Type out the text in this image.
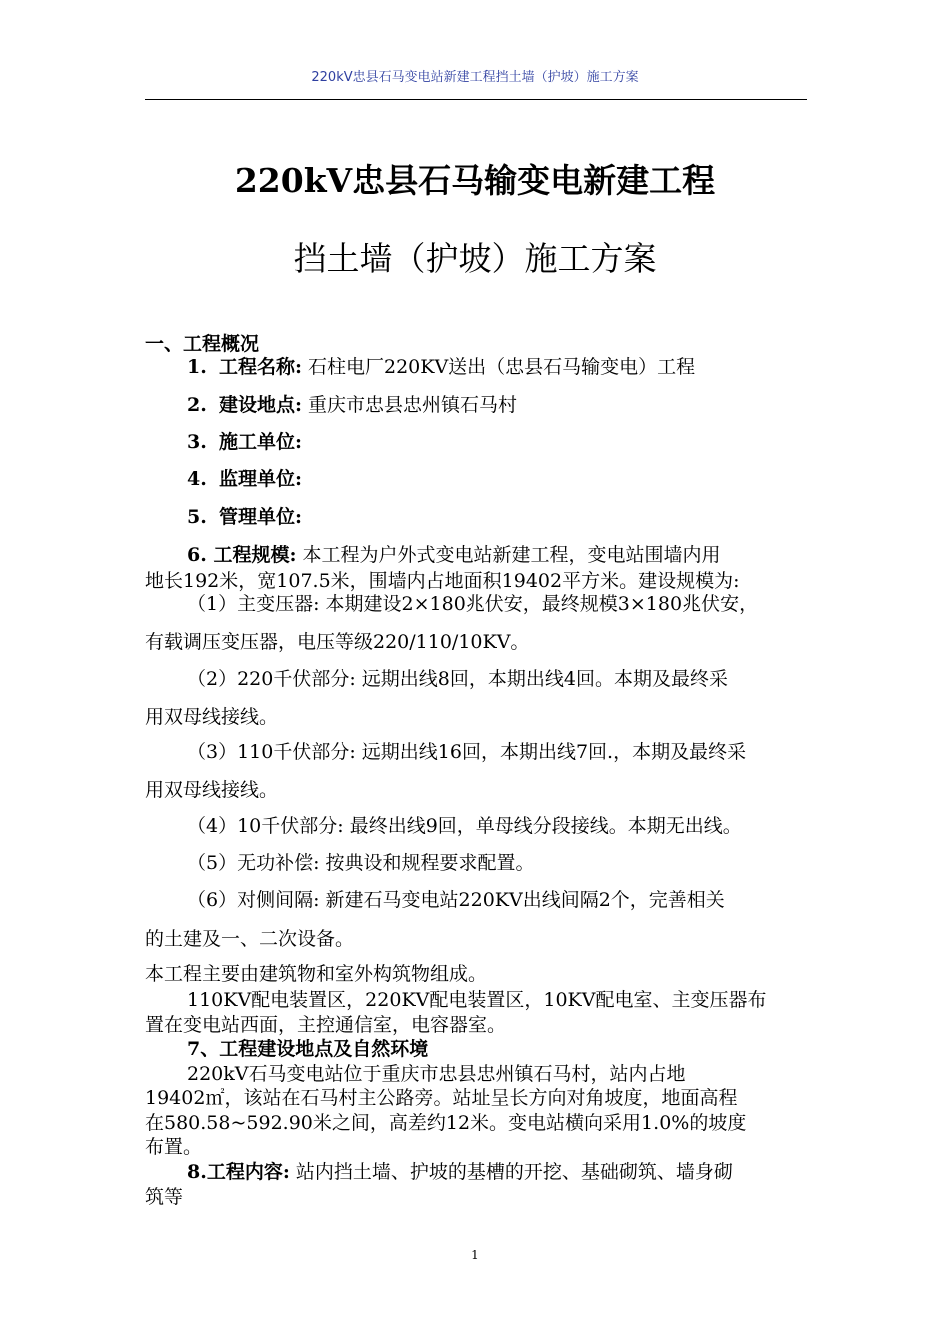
220kV忠县石马变电站新建工程挡土墙（护坡）施工方案
220kV忠县石马输变电新建工程
挡土墙（护坡）施工方案
一、工程概况
1. 工程名称: 石柱电厂220KV送出（忠县石马输变电）工程
2. 建设地点: 重庆市忠县忠州镇石马村
3. 施工单位:
4. 监理单位:
5. 管理单位:
6. 工程规模: 本工程为户外式变电站新建工程，变电站围墙内用
地长192米，宽107.5米，围墙内占地面积19402平方米。建设规模为:
（1）主变压器: 本期建设2×180兆伏安，最终规模3×180兆伏安，
有载调压变压器，电压等级220/110/10KV。
（2）220千伏部分: 远期出线8回，本期出线4回。本期及最终采
用双母线接线。
（3）110千伏部分: 远期出线16回，本期出线7回.，本期及最终采
用双母线接线。
（4）10千伏部分: 最终出线9回，单母线分段接线。本期无出线。
（5）无功补偿: 按典设和规程要求配置。
（6）对侧间隔: 新建石马变电站220KV出线间隔2个，完善相关
的土建及一、二次设备。
本工程主要由建筑物和室外构筑物组成。
110KV配电装置区，220KV配电装置区，10KV配电室、主变压器布
置在变电站西面，主控通信室，电容器室。
7、工程建设地点及自然环境
220kV石马变电站位于重庆市忠县忠州镇石马村，站内占地
19402㎡，该站在石马村主公路旁。站址呈长方向对角坡度，地面高程
在580.58~592.90米之间，高差约12米。变电站横向采用1.0%的坡度
布置。
8.工程内容: 站内挡土墙、护坡的基槽的开挖、基础砌筑、墙身砌
筑等
1
